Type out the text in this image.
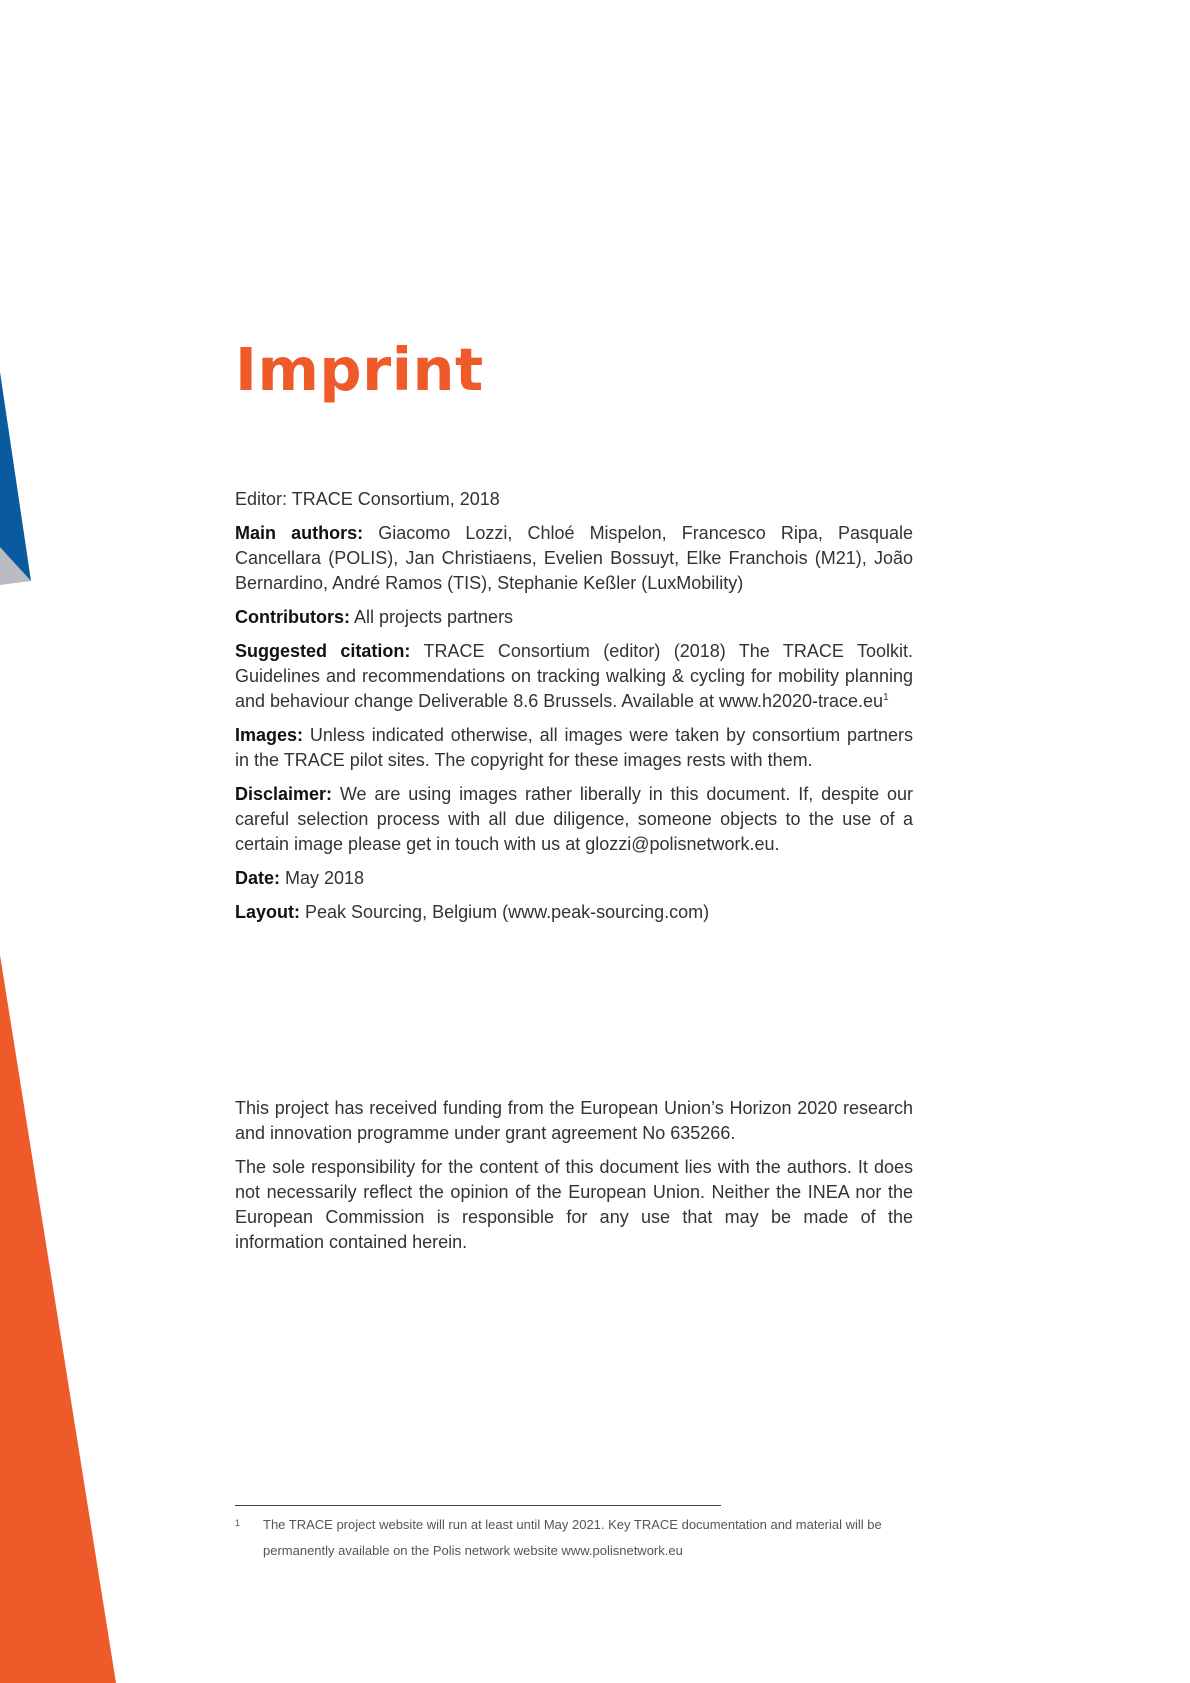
Imprint

Editor: TRACE Consortium, 2018

Main authors: Giacomo Lozzi, Chloé Mispelon, Francesco Ripa, Pasquale Cancellara (POLIS), Jan Christiaens, Evelien Bossuyt, Elke Franchois (M21), João Bernardino, André Ramos (TIS), Stephanie Keßler (LuxMobility)

Contributors: All projects partners

Suggested citation: TRACE Consortium (editor) (2018) The TRACE Toolkit. Guidelines and recommendations on tracking walking & cycling for mobility planning and behaviour change Deliverable 8.6 Brussels. Available at www.h2020-trace.eu$^1$

Images: Unless indicated otherwise, all images were taken by consortium partners in the TRACE pilot sites. The copyright for these images rests with them.

Disclaimer: We are using images rather liberally in this document. If, despite our careful selection process with all due diligence, someone objects to the use of a certain image please get in touch with us at glozzi@polisnetwork.eu.

Date: May 2018

Layout: Peak Sourcing, Belgium (www.peak-sourcing.com)

This project has received funding from the European Union’s Horizon 2020 research and innovation programme under grant agreement No 635266.

The sole responsibility for the content of this document lies with the authors. It does not necessarily reflect the opinion of the European Union. Neither the INEA nor the European Commission is responsible for any use that may be made of the information contained herein.

1 The TRACE project website will run at least until May 2021. Key TRACE documentation and material will be permanently available on the Polis network website www.polisnetwork.eu
